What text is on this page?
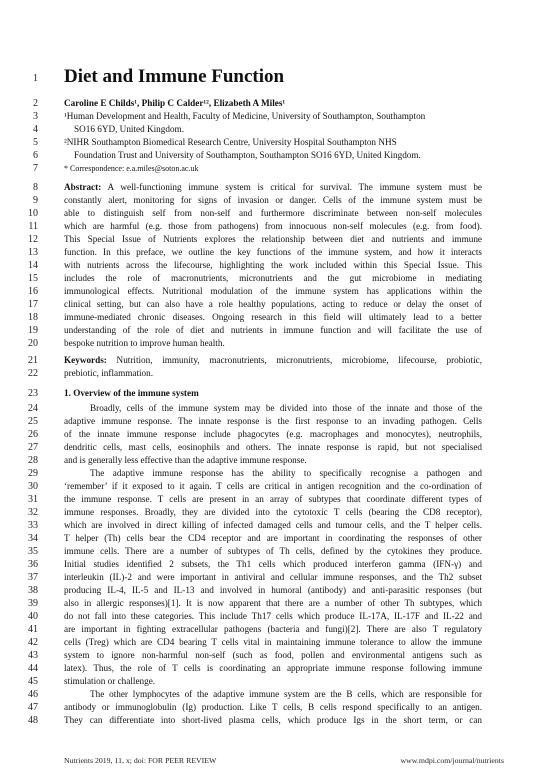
1 Diet and Immune Function
2	Caroline E Childs¹, Philip C Calder¹², Elizabeth A Miles¹
3	¹Human Development and Health, Faculty of Medicine, University of Southampton, Southampton
4	SO16 6YD, United Kingdom.
5	²NIHR Southampton Biomedical Research Centre, University Hospital Southampton NHS
6	Foundation Trust and University of Southampton, Southampton SO16 6YD, United Kingdom.
7	* Correspondence: e.a.miles@soton.ac.uk
8	Abstract: A well-functioning immune system is critical for survival. The immune system must be
9	constantly alert, monitoring for signs of invasion or danger. Cells of the immune system must be
10	able to distinguish self from non-self and furthermore discriminate between non-self molecules
11	which are harmful (e.g. those from pathogens) from innocuous non-self molecules (e.g. from food).
12	This Special Issue of Nutrients explores the relationship between diet and nutrients and immune
13	function. In this preface, we outline the key functions of the immune system, and how it interacts
14	with nutrients across the lifecourse, highlighting the work included within this Special Issue. This
15	includes the role of macronutrients, micronutrients and the gut microbiome in mediating
16	immunological effects. Nutritional modulation of the immune system has applications within the
17	clinical setting, but can also have a role healthy populations, acting to reduce or delay the onset of
18	immune-mediated chronic diseases. Ongoing research in this field will ultimately lead to a better
19	understanding of the role of diet and nutrients in immune function and will facilitate the use of
20	bespoke nutrition to improve human health.
21	Keywords: Nutrition, immunity, macronutrients, micronutrients, microbiome, lifecourse, probiotic,
22	prebiotic, inflammation.
23	1. Overview of the immune system
24	Broadly, cells of the immune system may be divided into those of the innate and those of the
25	adaptive immune response. The innate response is the first response to an invading pathogen. Cells
26	of the innate immune response include phagocytes (e.g. macrophages and monocytes), neutrophils,
27	dendritic cells, mast cells, eosinophils and others. The innate response is rapid, but not specialised
28	and is generally less effective than the adaptive immune response.
29	The adaptive immune response has the ability to specifically recognise a pathogen and
30	‘remember’ if it exposed to it again. T cells are critical in antigen recognition and the co-ordination of
31	the immune response. T cells are present in an array of subtypes that coordinate different types of
32	immune responses. Broadly, they are divided into the cytotoxic T cells (bearing the CD8 receptor),
33	which are involved in direct killing of infected damaged cells and tumour cells, and the T helper cells.
34	T helper (Th) cells bear the CD4 receptor and are important in coordinating the responses of other
35	immune cells. There are a number of subtypes of Th cells, defined by the cytokines they produce.
36	Initial studies identified 2 subsets, the Th1 cells which produced interferon gamma (IFN-γ) and
37	interleukin (IL)-2 and were important in antiviral and cellular immune responses, and the Th2 subset
38	producing IL-4, IL-5 and IL-13 and involved in humoral (antibody) and anti-parasitic responses (but
39	also in allergic responses)[1]. It is now apparent that there are a number of other Th subtypes, which
40	do not fall into these categories. This include Th17 cells which produce IL-17A, IL-17F and IL-22 and
41	are important in fighting extracellular pathogens (bacteria and fungi)[2]. There are also T regulatory
42	cells (Treg) which are CD4 bearing T cells vital in maintaining immune tolerance to allow the immune
43	system to ignore non-harmful non-self (such as food, pollen and environmental antigens such as
44	latex). Thus, the role of T cells is coordinating an appropriate immune response following immune
45	stimulation or challenge.
46	The other lymphocytes of the adaptive immune system are the B cells, which are responsible for
47	antibody or immunoglobulin (Ig) production. Like T cells, B cells respond specifically to an antigen.
48	They can differentiate into short-lived plasma cells, which produce Igs in the short term, or can
Nutrients 2019, 11, x; doi: FOR PEER REVIEW	www.mdpi.com/journal/nutrients
